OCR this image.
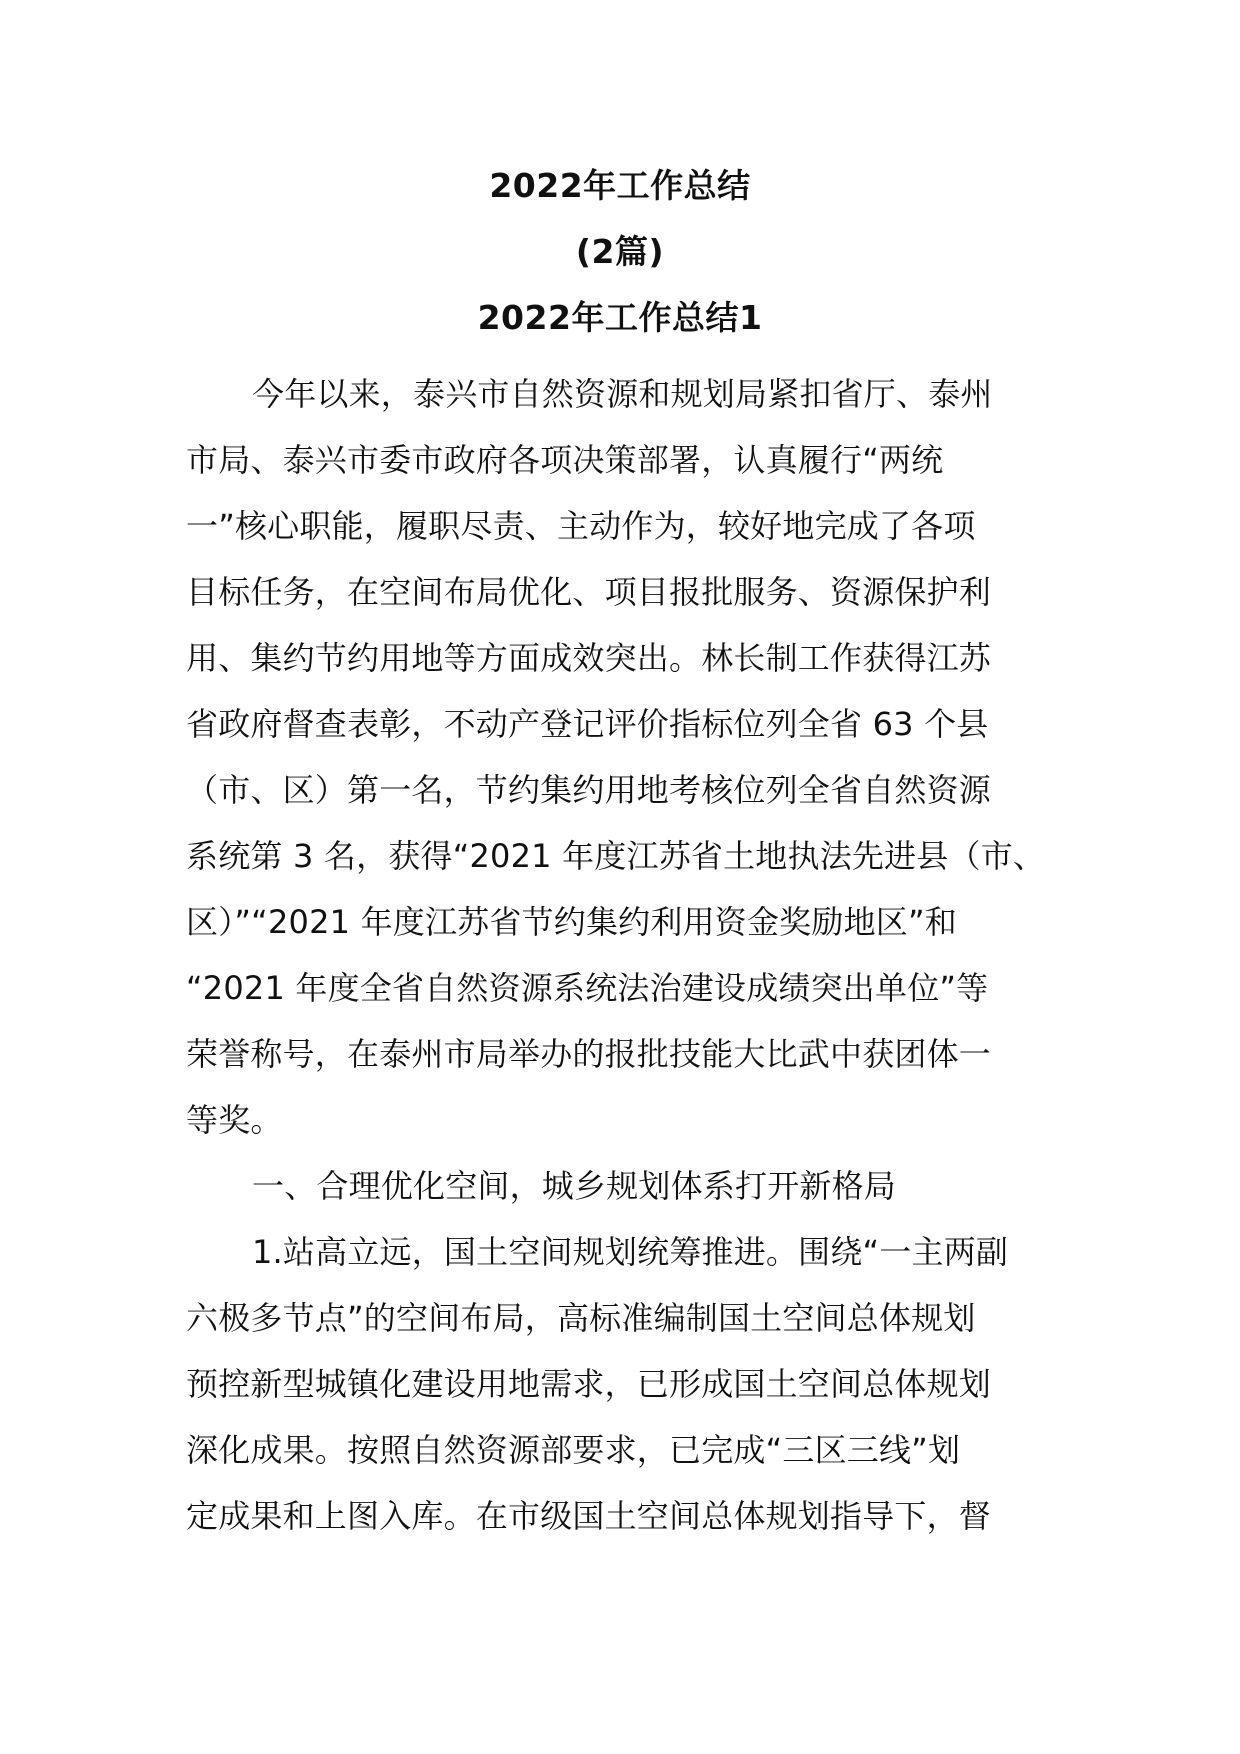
2022年工作总结
(2篇)
2022年工作总结1
今年以来，泰兴市自然资源和规划局紧扣省厅、泰州
市局、泰兴市委市政府各项决策部署，认真履行“两统
一”核心职能，履职尽责、主动作为，较好地完成了各项
目标任务，在空间布局优化、项目报批服务、资源保护利
用、集约节约用地等方面成效突出。林长制工作获得江苏
省政府督查表彰，不动产登记评价指标位列全省 63 个县
（市、区）第一名，节约集约用地考核位列全省自然资源
系统第 3 名，获得“2021 年度江苏省土地执法先进县（市、
区）”“2021 年度江苏省节约集约利用资金奖励地区”和
“2021 年度全省自然资源系统法治建设成绩突出单位”等
荣誉称号，在泰州市局举办的报批技能大比武中获团体一
等奖。
一、合理优化空间，城乡规划体系打开新格局
1.站高立远，国土空间规划统筹推进。围绕“一主两副
六极多节点”的空间布局，高标准编制国土空间总体规划
预控新型城镇化建设用地需求，已形成国土空间总体规划
深化成果。按照自然资源部要求，已完成“三区三线”划
定成果和上图入库。在市级国土空间总体规划指导下，督
